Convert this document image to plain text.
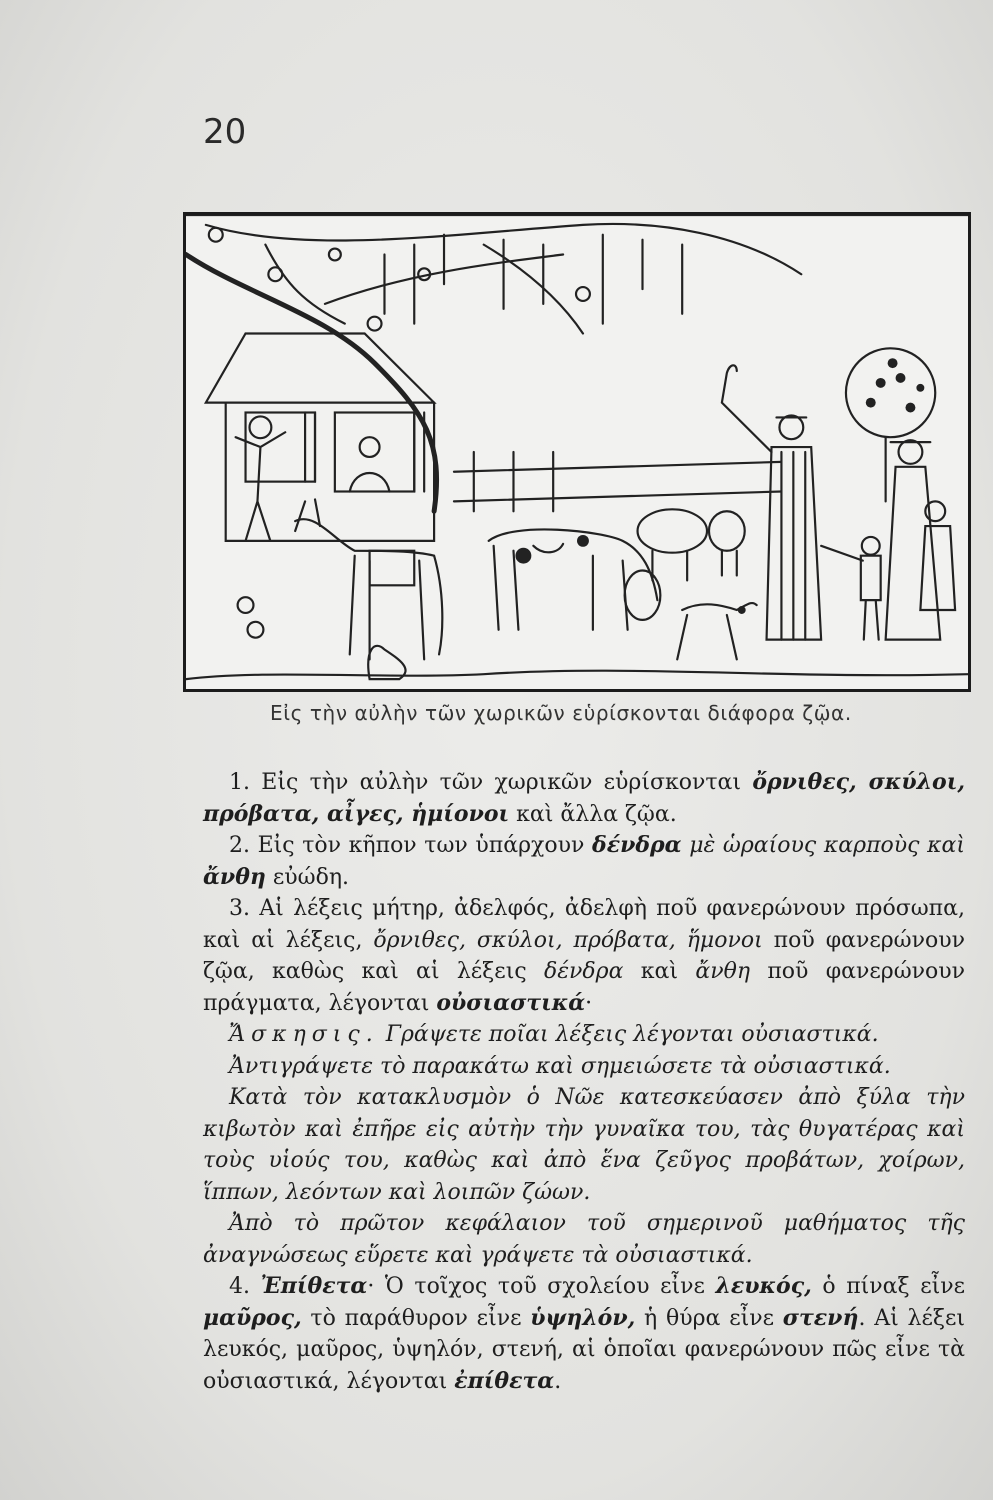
20
Εἰς τὴν αὐλὴν τῶν χωρικῶν εὑρίσκονται διάφορα ζῷα.

1. Εἰς τὴν αὐλὴν τῶν χωρικῶν εὑρίσκονται ὄρνιθες, σκύλοι, πρόβατα, αἶγες, ἡμίονοι καὶ ἄλλα ζῷα.

2. Εἰς τὸν κῆπον των ὑπάρχουν δένδρα μὲ ὡραίους καρποὺς καὶ ἄνθη εὐώδη.

3. Αἱ λέξεις μήτηρ, ἀδελφός, ἀδελφὴ ποῦ φανερώνουν πρόσωπα, καὶ αἱ λέξεις, ὄρνιθες, σκύλοι, πρόβατα, ἥμονοι ποῦ φανερώνουν ζῷα, καθὼς καὶ αἱ λέξεις δένδρα καὶ ἄνθη ποῦ φανερώνουν πράγματα, λέγονται οὐσιαστικά·

Ἄσκησις. Γράψετε ποῖαι λέξεις λέγονται οὐσιαστικά.

Ἀντιγράψετε τὸ παρακάτω καὶ σημειώσετε τὰ οὐσιαστικά.

Κατὰ τὸν κατακλυσμὸν ὁ Νῶε κατεσκεύασεν ἀπὸ ξύλα τὴν κιβωτὸν καὶ ἐπῆρε εἰς αὐτὴν τὴν γυναῖκα του, τὰς θυγατέρας καὶ τοὺς υἱούς του, καθὼς καὶ ἀπὸ ἕνα ζεῦγος προβάτων, χοίρων, ἵππων, λεόντων καὶ λοιπῶν ζώων.

Ἀπὸ τὸ πρῶτον κεφάλαιον τοῦ σημερινοῦ μαθήματος τῆς ἀναγνώσεως εὕρετε καὶ γράψετε τὰ οὐσιαστικά.

4. Ἐπίθετα· Ὁ τοῖχος τοῦ σχολείου εἶνε λευκός, ὁ πίναξ εἶνε μαῦρος, τὸ παράθυρον εἶνε ὑψηλόν, ἡ θύρα εἶνε στενή. Αἱ λέξει λευκός, μαῦρος, ὑψηλόν, στενή, αἱ ὁποῖαι φανερώνουν πῶς εἶνε τὰ οὐσιαστικά, λέγονται ἐπίθετα.
